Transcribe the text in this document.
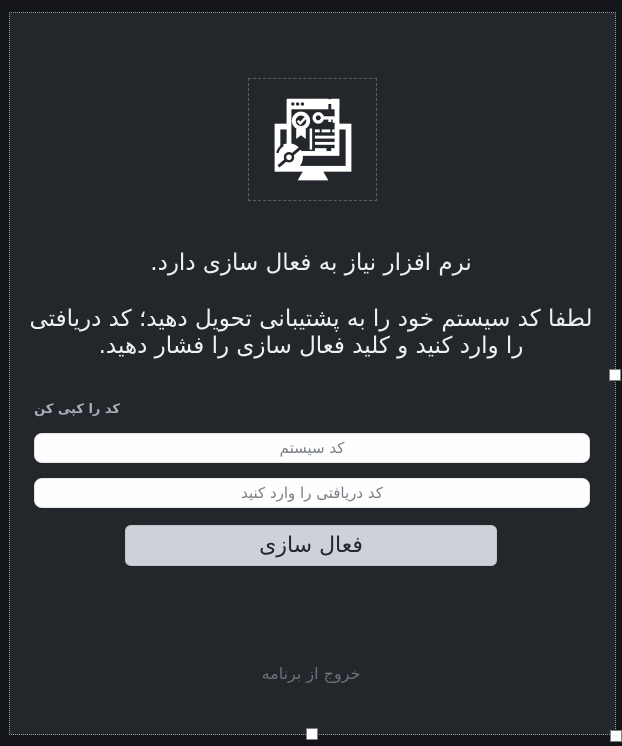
نرم افزار نیاز به فعال سازی دارد.

لطفا کد سیستم خود را به پشتیبانی تحویل دهید؛ کد دریافتی را وارد کنید و کلید فعال سازی را فشار دهید.

کد را کپی کن
کد سیستم
کد دریافتی را وارد کنید
فعال سازی
خروج از برنامه
